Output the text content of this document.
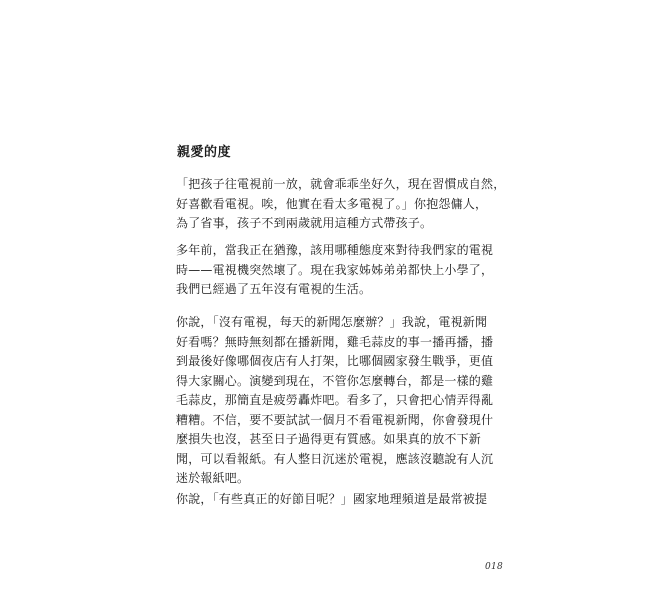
親愛的度
「把孩子往電視前一放，就會乖乖坐好久，現在習慣成自然，
好喜歡看電視。唉，他實在看太多電視了。」你抱怨傭人，
為了省事，孩子不到兩歲就用這種方式帶孩子。
多年前，當我正在猶豫，該用哪種態度來對待我們家的電視
時——電視機突然壞了。現在我家姊姊弟弟都快上小學了，
我們已經過了五年沒有電視的生活。
你說，「沒有電視，每天的新聞怎麼辦？」我說，電視新聞
好看嗎？無時無刻都在播新聞，雞毛蒜皮的事一播再播，播
到最後好像哪個夜店有人打架，比哪個國家發生戰爭，更值
得大家關心。演變到現在，不管你怎麼轉台，都是一樣的雞
毛蒜皮，那簡直是疲勞轟炸吧。看多了，只會把心情弄得亂
糟糟。不信，要不要試試一個月不看電視新聞，你會發現什
麼損失也沒，甚至日子過得更有質感。如果真的放不下新
聞，可以看報紙。有人整日沉迷於電視，應該沒聽說有人沉
迷於報紙吧。
你說，「有些真正的好節目呢？」國家地理頻道是最常被提
018
